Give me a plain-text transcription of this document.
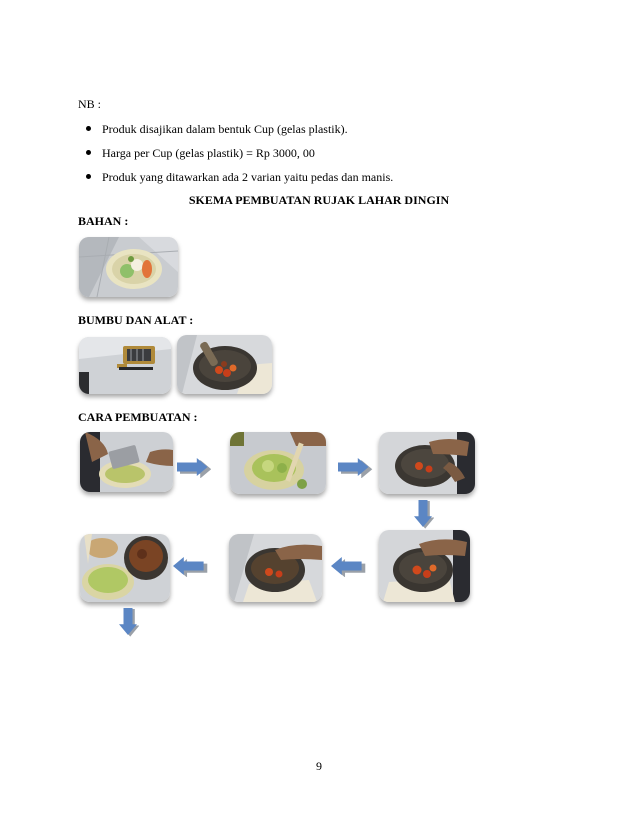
NB :
Produk disajikan dalam bentuk Cup (gelas plastik).
Harga per Cup (gelas plastik) = Rp 3000, 00
Produk yang ditawarkan ada 2 varian yaitu pedas dan manis.
SKEMA PEMBUATAN RUJAK LAHAR DINGIN
BAHAN :
BUMBU DAN ALAT :
CARA PEMBUATAN :
9
